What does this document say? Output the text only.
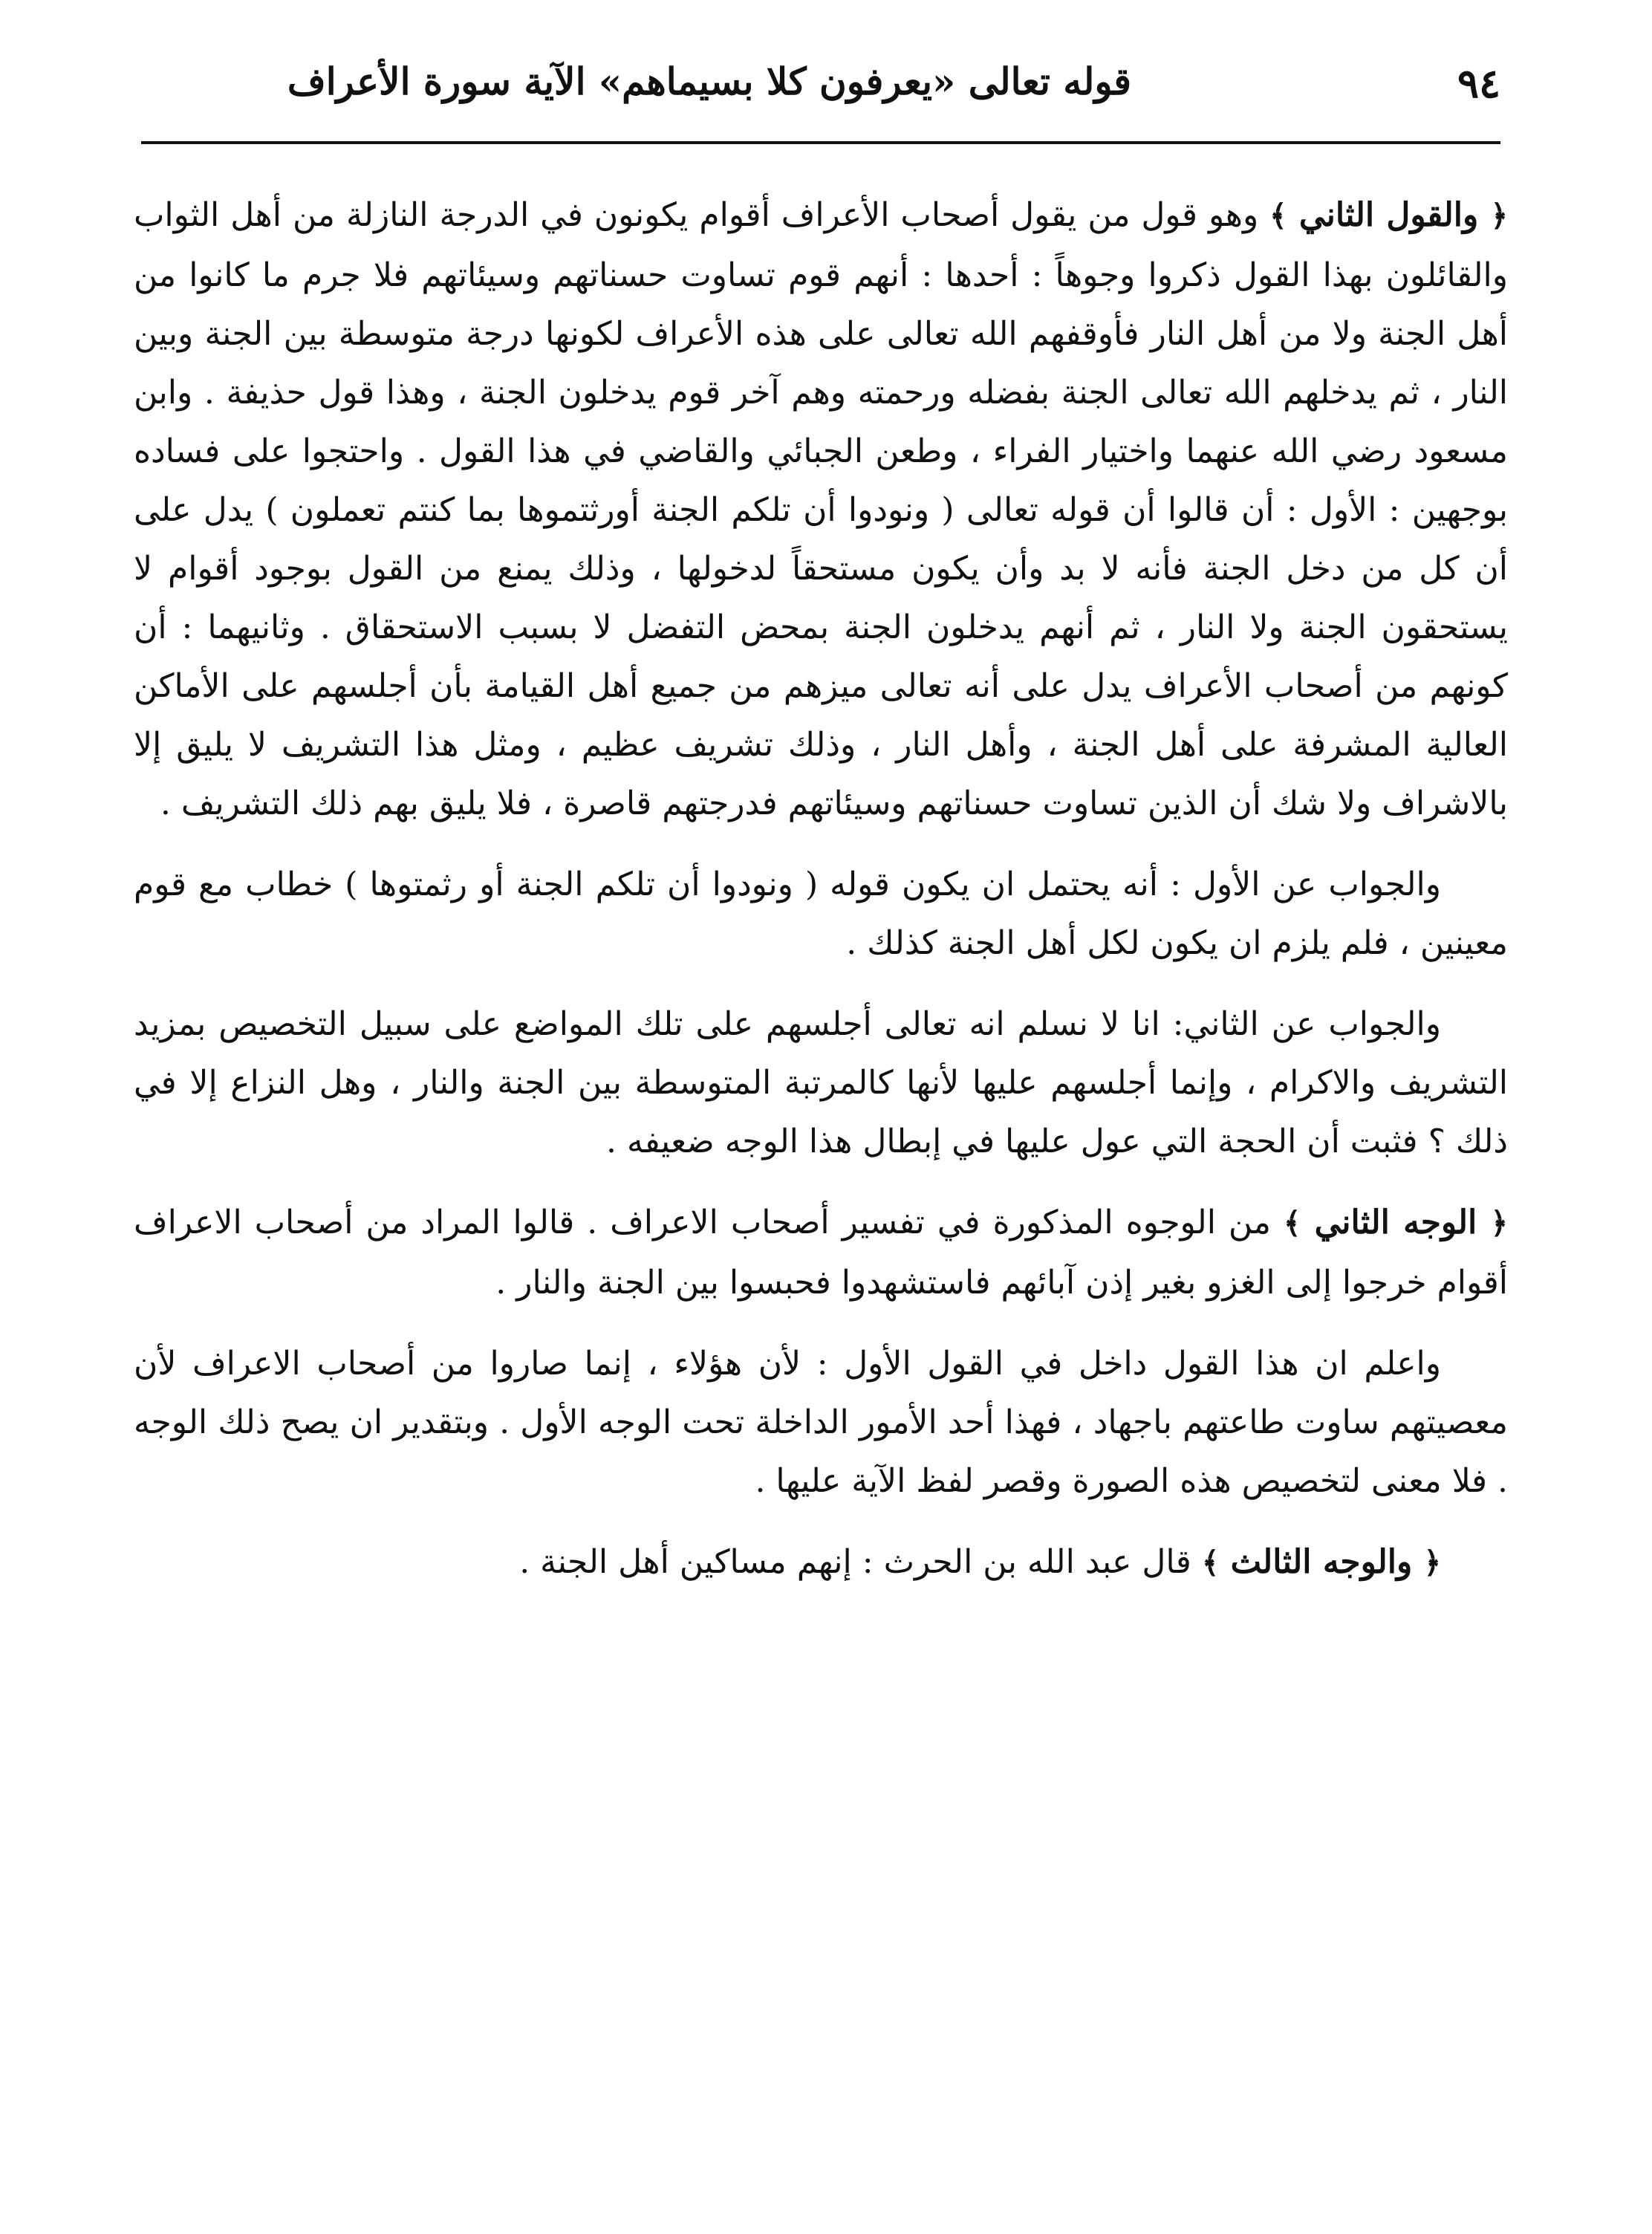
٩٤
قوله تعالى «يعرفون كلا بسيماهم» الآية سورة الأعراف

﴿ والقول الثاني ﴾ وهو قول من يقول أصحاب الأعراف أقوام يكونون في الدرجة النازلة من أهل الثواب والقائلون بهذا القول ذكروا وجوهاً : أحدها : أنهم قوم تساوت حسناتهم وسيئاتهم فلا جرم ما كانوا من أهل الجنة ولا من أهل النار فأوقفهم الله تعالى على هذه الأعراف لكونها درجة متوسطة بين الجنة وبين النار ، ثم يدخلهم الله تعالى الجنة بفضله ورحمته وهم آخر قوم يدخلون الجنة ، وهذا قول حذيفة . وابن مسعود رضي الله عنهما واختيار الفراء ، وطعن الجبائي والقاضي في هذا القول . واحتجوا على فساده بوجهين : الأول : أن قالوا أن قوله تعالى ( ونودوا أن تلكم الجنة أورثتموها بما كنتم تعملون ) يدل على أن كل من دخل الجنة فأنه لا بد وأن يكون مستحقاً لدخولها ، وذلك يمنع من القول بوجود أقوام لا يستحقون الجنة ولا النار ، ثم أنهم يدخلون الجنة بمحض التفضل لا بسبب الاستحقاق . وثانيهما : أن كونهم من أصحاب الأعراف يدل على أنه تعالى ميزهم من جميع أهل القيامة بأن أجلسهم على الأماكن العالية المشرفة على أهل الجنة ، وأهل النار ، وذلك تشريف عظيم ، ومثل هذا التشريف لا يليق إلا بالاشراف ولا شك أن الذين تساوت حسناتهم وسيئاتهم فدرجتهم قاصرة ، فلا يليق بهم ذلك التشريف .

والجواب عن الأول : أنه يحتمل ان يكون قوله ( ونودوا أن تلكم الجنة أو رثمتوها ) خطاب مع قوم معينين ، فلم يلزم ان يكون لكل أهل الجنة كذلك .

والجواب عن الثاني: انا لا نسلم انه تعالى أجلسهم على تلك المواضع على سبيل التخصيص بمزيد التشريف والاكرام ، وإنما أجلسهم عليها لأنها كالمرتبة المتوسطة بين الجنة والنار ، وهل النزاع إلا في ذلك ؟ فثبت أن الحجة التي عول عليها في إبطال هذا الوجه ضعيفه .

﴿ الوجه الثاني ﴾ من الوجوه المذكورة في تفسير أصحاب الاعراف . قالوا المراد من أصحاب الاعراف أقوام خرجوا إلى الغزو بغير إذن آبائهم فاستشهدوا فحبسوا بين الجنة والنار .

واعلم ان هذا القول داخل في القول الأول : لأن هؤلاء ، إنما صاروا من أصحاب الاعراف لأن معصيتهم ساوت طاعتهم باجهاد ، فهذا أحد الأمور الداخلة تحت الوجه الأول . وبتقدير ان يصح ذلك الوجه . فلا معنى لتخصيص هذه الصورة وقصر لفظ الآية عليها .

﴿ والوجه الثالث ﴾ قال عبد الله بن الحرث : إنهم مساكين أهل الجنة .
